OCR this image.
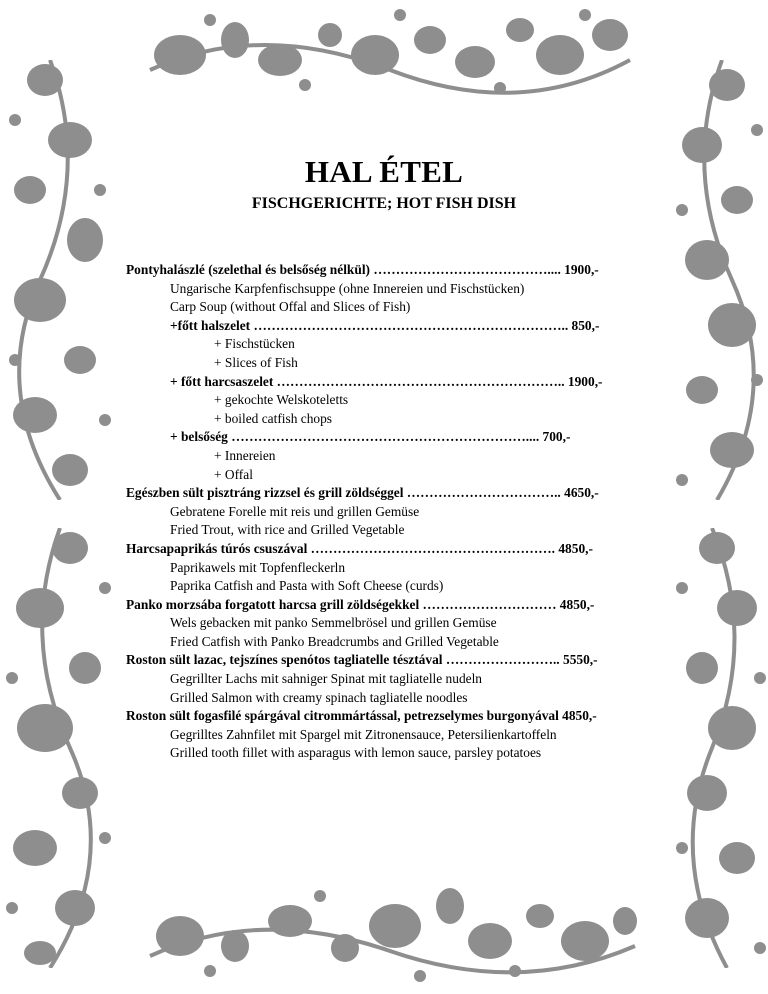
HAL ÉTEL
FISCHGERICHTE; HOT FISH DISH
Pontyhalászlé (szelethal és belsőség nélkül) ………………………………….... 1900,-
Ungarische Karpfenfischsuppe (ohne Innereien und Fischstücken)
Carp Soup (without Offal and Slices of Fish)
+főtt halszelet …………………………………………………………….. 850,-
+ Fischstücken
+ Slices of Fish
+ főtt harcsaszelet ……………………………………………………….. 1900,-
+ gekochte Welskoteletts
+ boiled catfish chops
+ belsőség ………………………………………………………….... 700,-
+ Innereien
+ Offal
Egészben sült pisztráng rizzsel és grill zöldséggel …………………………….. 4650,-
Gebratene Forelle mit reis und grillen Gemüse
Fried Trout, with rice and Grilled Vegetable
Harcsapaprikás túrós csuszával ………………………………………………. 4850,-
Paprikawels mit Topfenfleckerln
Paprika Catfish and Pasta with Soft Cheese (curds)
Panko morzsába forgatott harcsa grill zöldségekkel ………………………… 4850,-
Wels gebacken mit panko Semmelbrösel und grillen Gemüse
Fried Catfish with Panko Breadcrumbs and Grilled Vegetable
Roston sült lazac, tejszínes spenótos tagliatelle tésztával …………………….. 5550,-
Gegrillter Lachs mit sahniger Spinat mit tagliatelle nudeln
Grilled Salmon with creamy spinach tagliatelle noodles
Roston sült fogasfilé spárgával citrommártással, petrezselymes burgonyával 4850,-
Gegrilltes Zahnfilet mit Spargel mit Zitronensauce, Petersilienkartoffeln
Grilled tooth fillet with asparagus with lemon sauce, parsley potatoes
